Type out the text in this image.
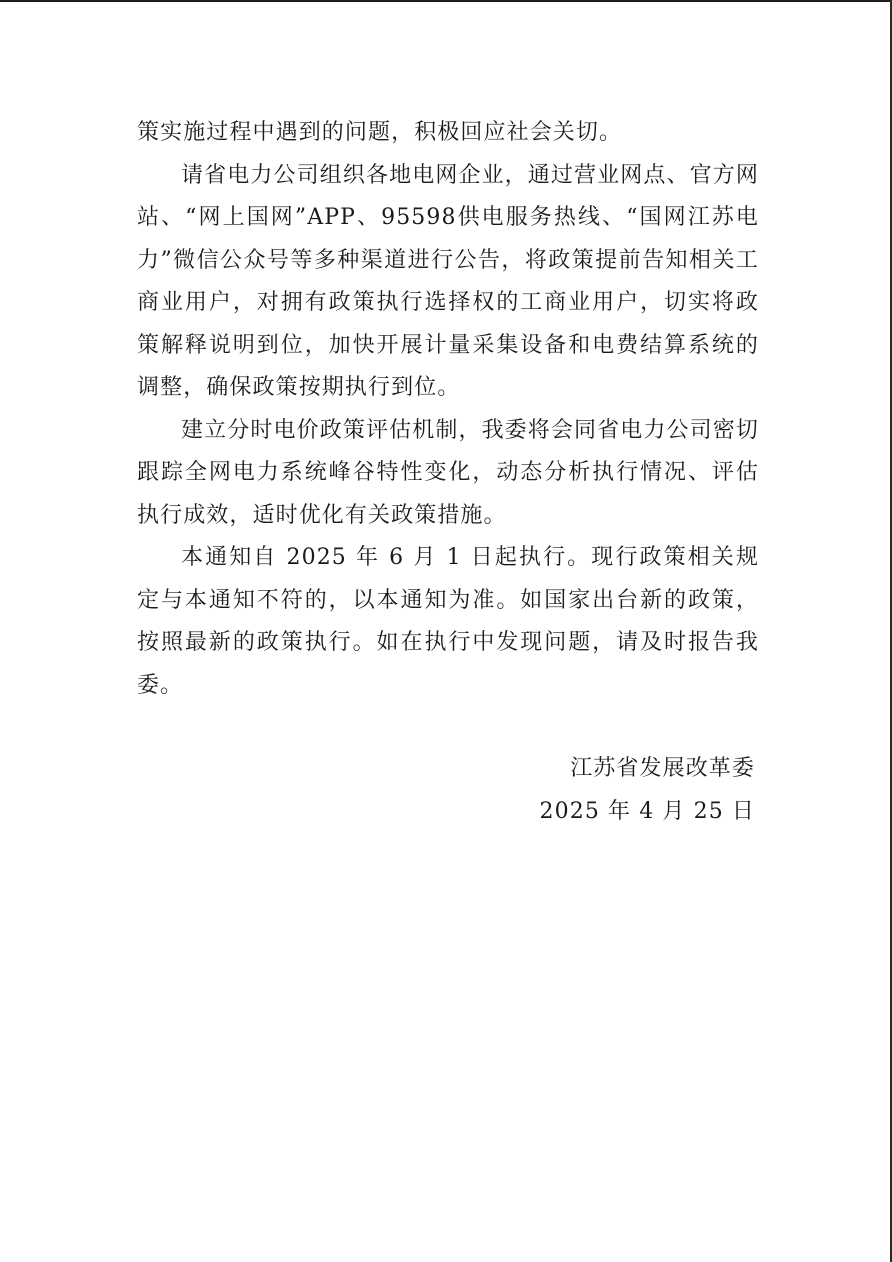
策实施过程中遇到的问题，积极回应社会关切。

请省电力公司组织各地电网企业，通过营业网点、官方网站、“网上国网”APP、95598供电服务热线、“国网江苏电力”微信公众号等多种渠道进行公告，将政策提前告知相关工商业用户，对拥有政策执行选择权的工商业用户，切实将政策解释说明到位，加快开展计量采集设备和电费结算系统的调整，确保政策按期执行到位。

建立分时电价政策评估机制，我委将会同省电力公司密切跟踪全网电力系统峰谷特性变化，动态分析执行情况、评估执行成效，适时优化有关政策措施。

本通知自 2025 年 6 月 1 日起执行。现行政策相关规定与本通知不符的，以本通知为准。如国家出台新的政策，按照最新的政策执行。如在执行中发现问题，请及时报告我委。

江苏省发展改革委
2025 年 4 月 25 日
